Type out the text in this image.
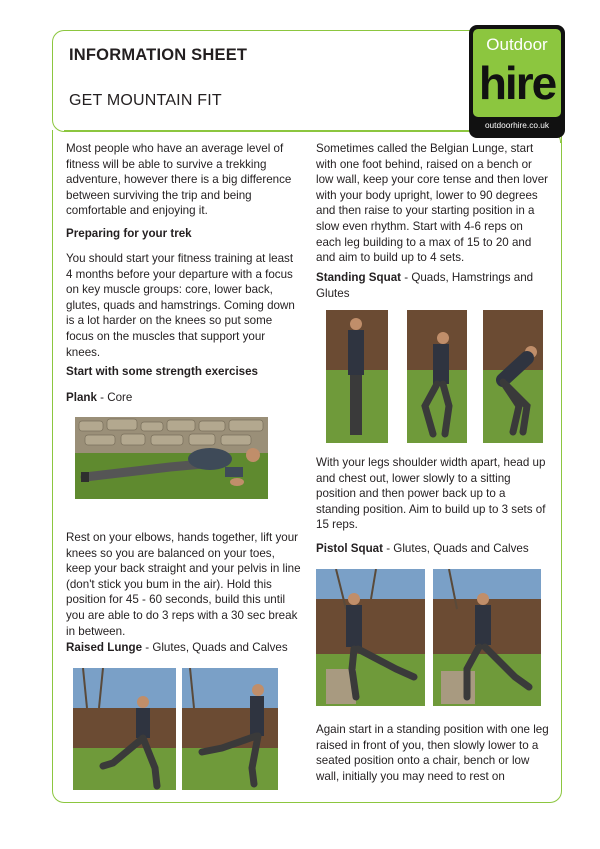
INFORMATION SHEET
GET MOUNTAIN FIT
Outdoor
hire
outdoorhire.co.uk

Most people who have an average level of fitness will be able to survive a trekking adventure, however there is a big difference between surviving the trip and being comfortable and enjoying it.

Preparing for your trek

You should start your fitness training at least 4 months before your departure with a focus on key muscle groups: core, lower back, glutes, quads and hamstrings. Coming down is a lot harder on the knees so put some focus on the muscles that support your knees.

Start with some strength exercises
Plank - Core

Rest on your elbows, hands together, lift your knees so you are balanced on your toes, keep your back straight and your pelvis in line (don't stick you bum in the air). Hold this position for 45 - 60 seconds, build this until you are able to do 3 reps with a 30 sec break in between.

Raised Lunge - Glutes, Quads and Calves

Sometimes called the Belgian Lunge, start with one foot behind, raised on a bench or low wall, keep your core tense and then lover with your body upright, lower to 90 degrees and then raise to your starting position in a slow even rhythm. Start with 4-6 reps on each leg building to a max of 15 to 20 and and aim to build up to 4 sets.

Standing Squat - Quads, Hamstrings and Glutes

With your legs shoulder width apart, head up and chest out, lower slowly to a sitting position and then power back up to a standing position. Aim to build up to 3 sets of 15 reps.

Pistol Squat - Glutes, Quads and Calves

Again start in a standing position with one leg raised in front of you, then slowly lower to a seated position onto a chair, bench or low wall, initially you may need to rest on
